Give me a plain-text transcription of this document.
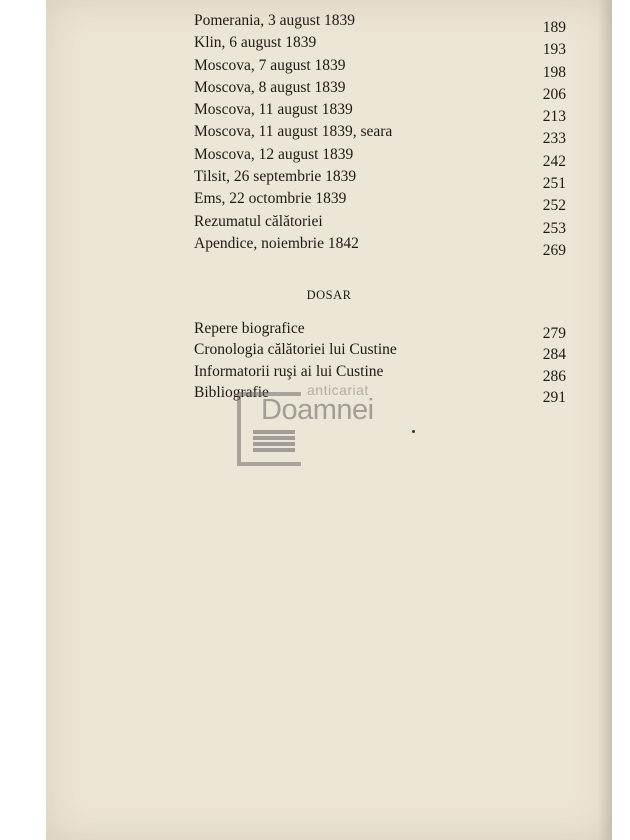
Pomerania, 3 august 1839	189
Klin, 6 august 1839	193
Moscova, 7 august 1839	198
Moscova, 8 august 1839	206
Moscova, 11 august 1839	213
Moscova, 11 august 1839, seara	233
Moscova, 12 august 1839	242
Tilsit, 26 septembrie 1839	251
Ems, 22 octombrie 1839	252
Rezumatul călătoriei	253
Apendice, noiembrie 1842	269
DOSAR
Repere biografice	279
Cronologia călătoriei lui Custine	284
Informatorii ruşi ai lui Custine	286
Bibliografie	291
anticariat
Doamnei
